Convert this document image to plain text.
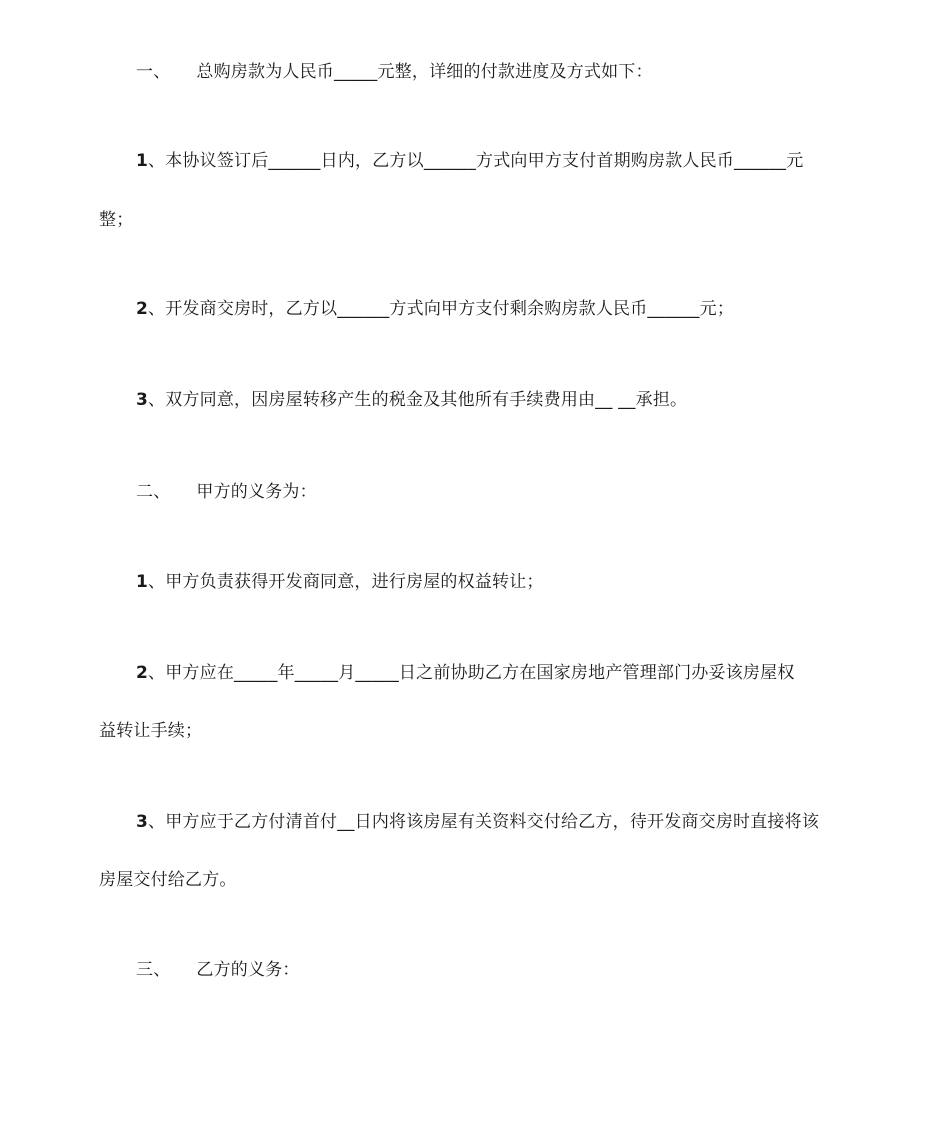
一、 总购房款为人民币_____元整，详细的付款进度及方式如下：
1、本协议签订后______日内，乙方以______方式向甲方支付首期购房款人民币______元
整；
2、开发商交房时，乙方以______方式向甲方支付剩余购房款人民币______元；
3、双方同意，因房屋转移产生的税金及其他所有手续费用由__ __承担。
二、 甲方的义务为：
1、甲方负责获得开发商同意，进行房屋的权益转让；
2、甲方应在_____年_____月_____日之前协助乙方在国家房地产管理部门办妥该房屋权
益转让手续；
3、甲方应于乙方付清首付__日内将该房屋有关资料交付给乙方，待开发商交房时直接将该
房屋交付给乙方。
三、 乙方的义务：
